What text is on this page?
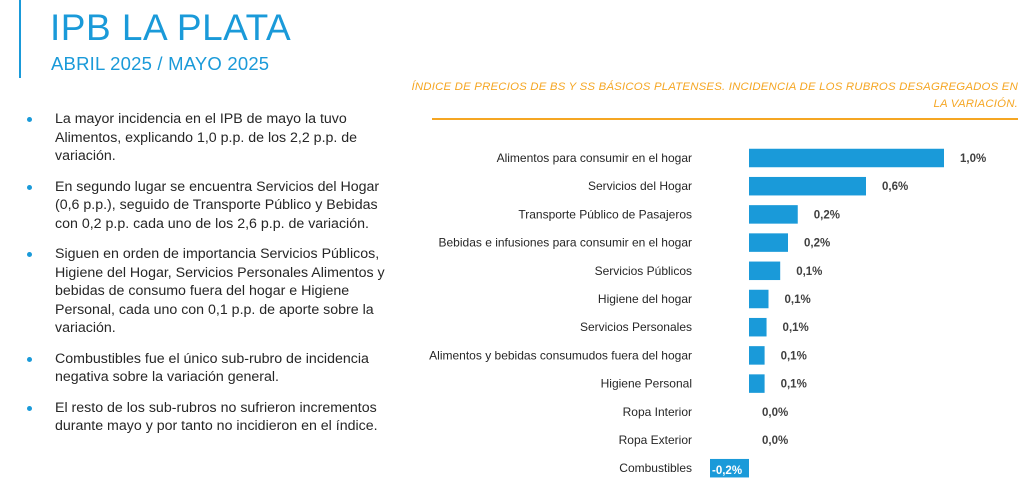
IPB LA PLATA
ABRIL 2025 / MAYO 2025
La mayor incidencia en el IPB de mayo la tuvo Alimentos, explicando 1,0 p.p. de los 2,2 p.p. de variación.
En segundo lugar se encuentra Servicios del Hogar (0,6 p.p.), seguido de Transporte Público y Bebidas con 0,2 p.p. cada uno de los 2,6 p.p. de variación.
Siguen en orden de importancia Servicios Públicos, Higiene del Hogar, Servicios Personales Alimentos y bebidas de consumo fuera del hogar e Higiene Personal, cada uno con 0,1 p.p. de aporte sobre la variación.
Combustibles fue el único sub-rubro de incidencia negativa sobre la variación general.
El resto de los sub-rubros no sufrieron incrementos durante mayo y por tanto no incidieron en el índice.
ÍNDICE DE PRECIOS DE BS Y SS BÁSICOS PLATENSES. INCIDENCIA DE LOS RUBROS DESAGREGADOS EN LA VARIACIÓN.
Alimentos para consumir en el hogar	1,0%
Servicios del Hogar	0,6%
Transporte Público de Pasajeros	0,2%
Bebidas e infusiones para consumir en el hogar	0,2%
Servicios Públicos	0,1%
Higiene del hogar	0,1%
Servicios Personales	0,1%
Alimentos y bebidas consumudos fuera del hogar	0,1%
Higiene Personal	0,1%
Ropa Interior	0,0%
Ropa Exterior	0,0%
Combustibles -0,2%
